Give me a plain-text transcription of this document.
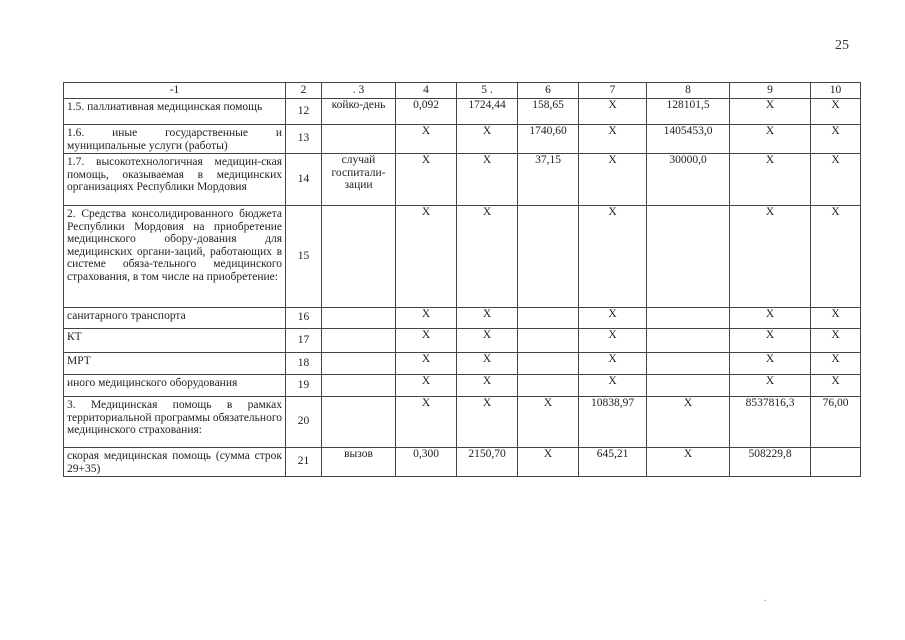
25
-1	2	. 3	4	5 .	6	7	8	9	10
1.5. паллиативная медицинская помощь	12	койко-день	0,092	1724,44	158,65	X	128101,5	X	X
1.6. иные государственные и муниципальные услуги (работы)	13		X	X	1740,60	X	1405453,0	X	X
1.7. высокотехнологичная медицин-ская помощь, оказываемая в медицинских организациях Республики Мордовия	14	случай госпитали-зации	X	X	37,15	X	30000,0	X	X
2. Средства консолидированного бюджета Республики Мордовия на приобретение медицинского обору-дования для медицинских органи-заций, работающих в системе обяза-тельного медицинского страхования, в том числе на приобретение:	15		X	X		X		X	X
санитарного транспорта	16		X	X		X		X	X
КТ	17		X	X		X		X	X
МРТ	18		X	X		X		X	X
иного медицинского оборудования	19		X	X		X		X	X
3. Медицинская помощь в рамках территориальной программы обязательного медицинского страхования:	20		X	X	X	10838,97	X	8537816,3	76,00
скорая медицинская помощь (сумма строк 29+35)	21	вызов	0,300	2150,70	X	645,21	X	508229,8	
.
